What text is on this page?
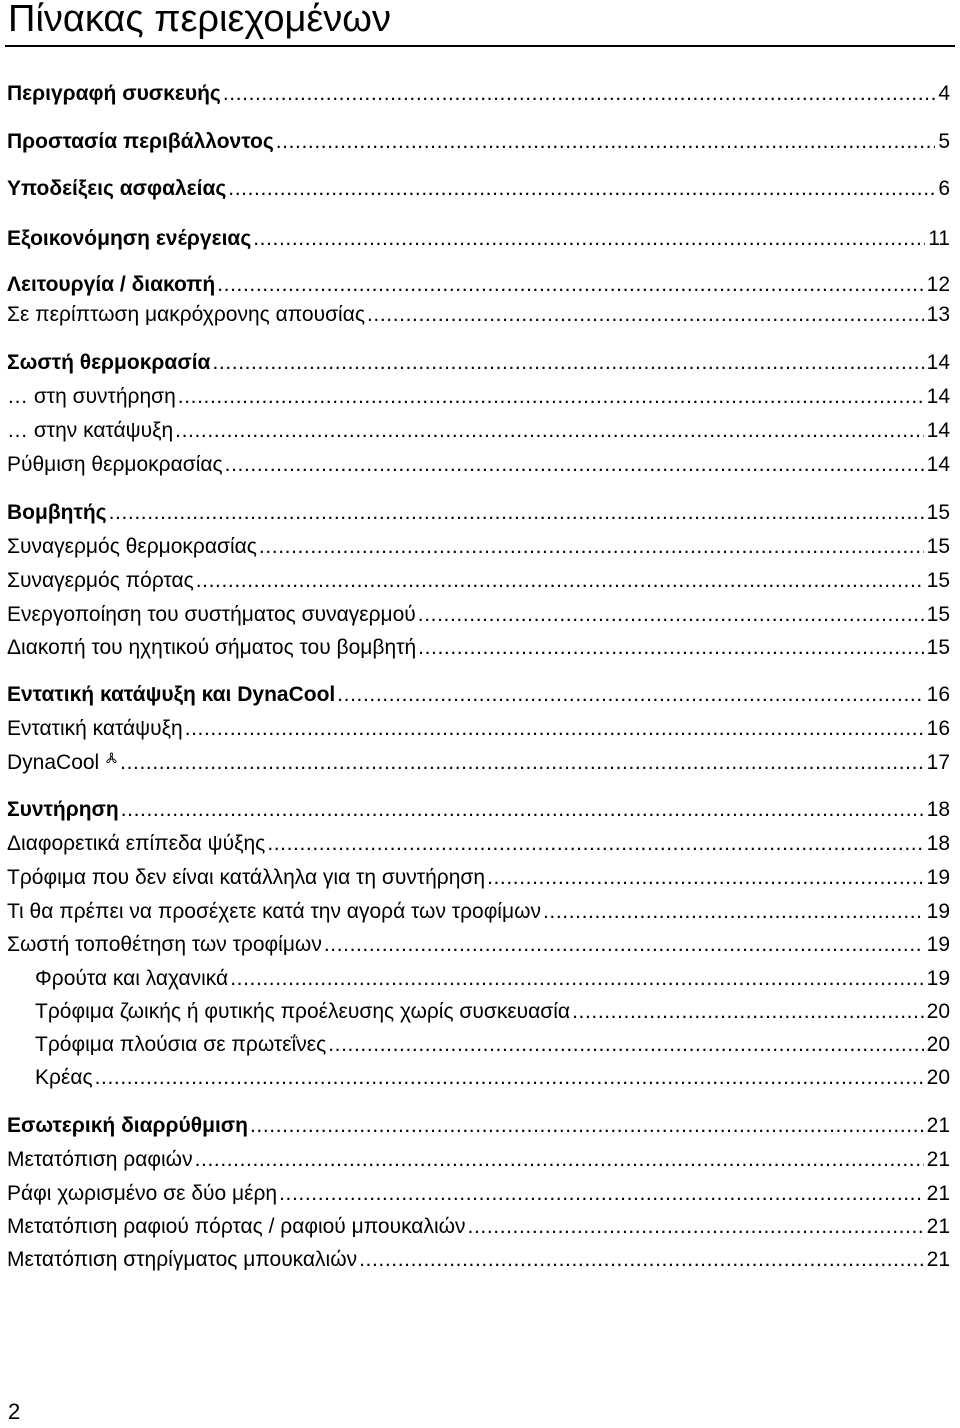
Πίνακας περιεχομένων
Περιγραφή συσκευής .....	4
Προστασία περιβάλλοντος .....	5
Υποδείξεις ασφαλείας .....	6
Εξοικονόμηση ενέργειας .....	11
Λειτουργία / διακοπή .....	12
Σε περίπτωση μακρόχρονης απουσίας .....	13
Σωστή θερμοκρασία .....	14
… στη συντήρηση .....	14
… στην κατάψυξη .....	14
Ρύθμιση θερμοκρασίας .....	14
Βομβητής .....	15
Συναγερμός θερμοκρασίας .....	15
Συναγερμός πόρτας .....	15
Ενεργοποίηση του συστήματος συναγερμού .....	15
Διακοπή του ηχητικού σήματος του βομβητή .....	15
Εντατική κατάψυξη και DynaCool .....	16
Εντατική κατάψυξη .....	16
DynaCool .....	17
Συντήρηση .....	18
Διαφορετικά επίπεδα ψύξης .....	18
Τρόφιμα που δεν είναι κατάλληλα για τη συντήρηση .....	19
Τι θα πρέπει να προσέχετε κατά την αγορά των τροφίμων .....	19
Σωστή τοποθέτηση των τροφίμων .....	19
Φρούτα και λαχανικά .....	19
Τρόφιμα ζωικής ή φυτικής προέλευσης χωρίς συσκευασία .....	20
Τρόφιμα πλούσια σε πρωτεΐνες .....	20
Κρέας .....	20
Εσωτερική διαρρύθμιση .....	21
Μετατόπιση ραφιών .....	21
Ράφι χωρισμένο σε δύο μέρη .....	21
Μετατόπιση ραφιού πόρτας / ραφιού μπουκαλιών .....	21
Μετατόπιση στηρίγματος μπουκαλιών .....	21
2
